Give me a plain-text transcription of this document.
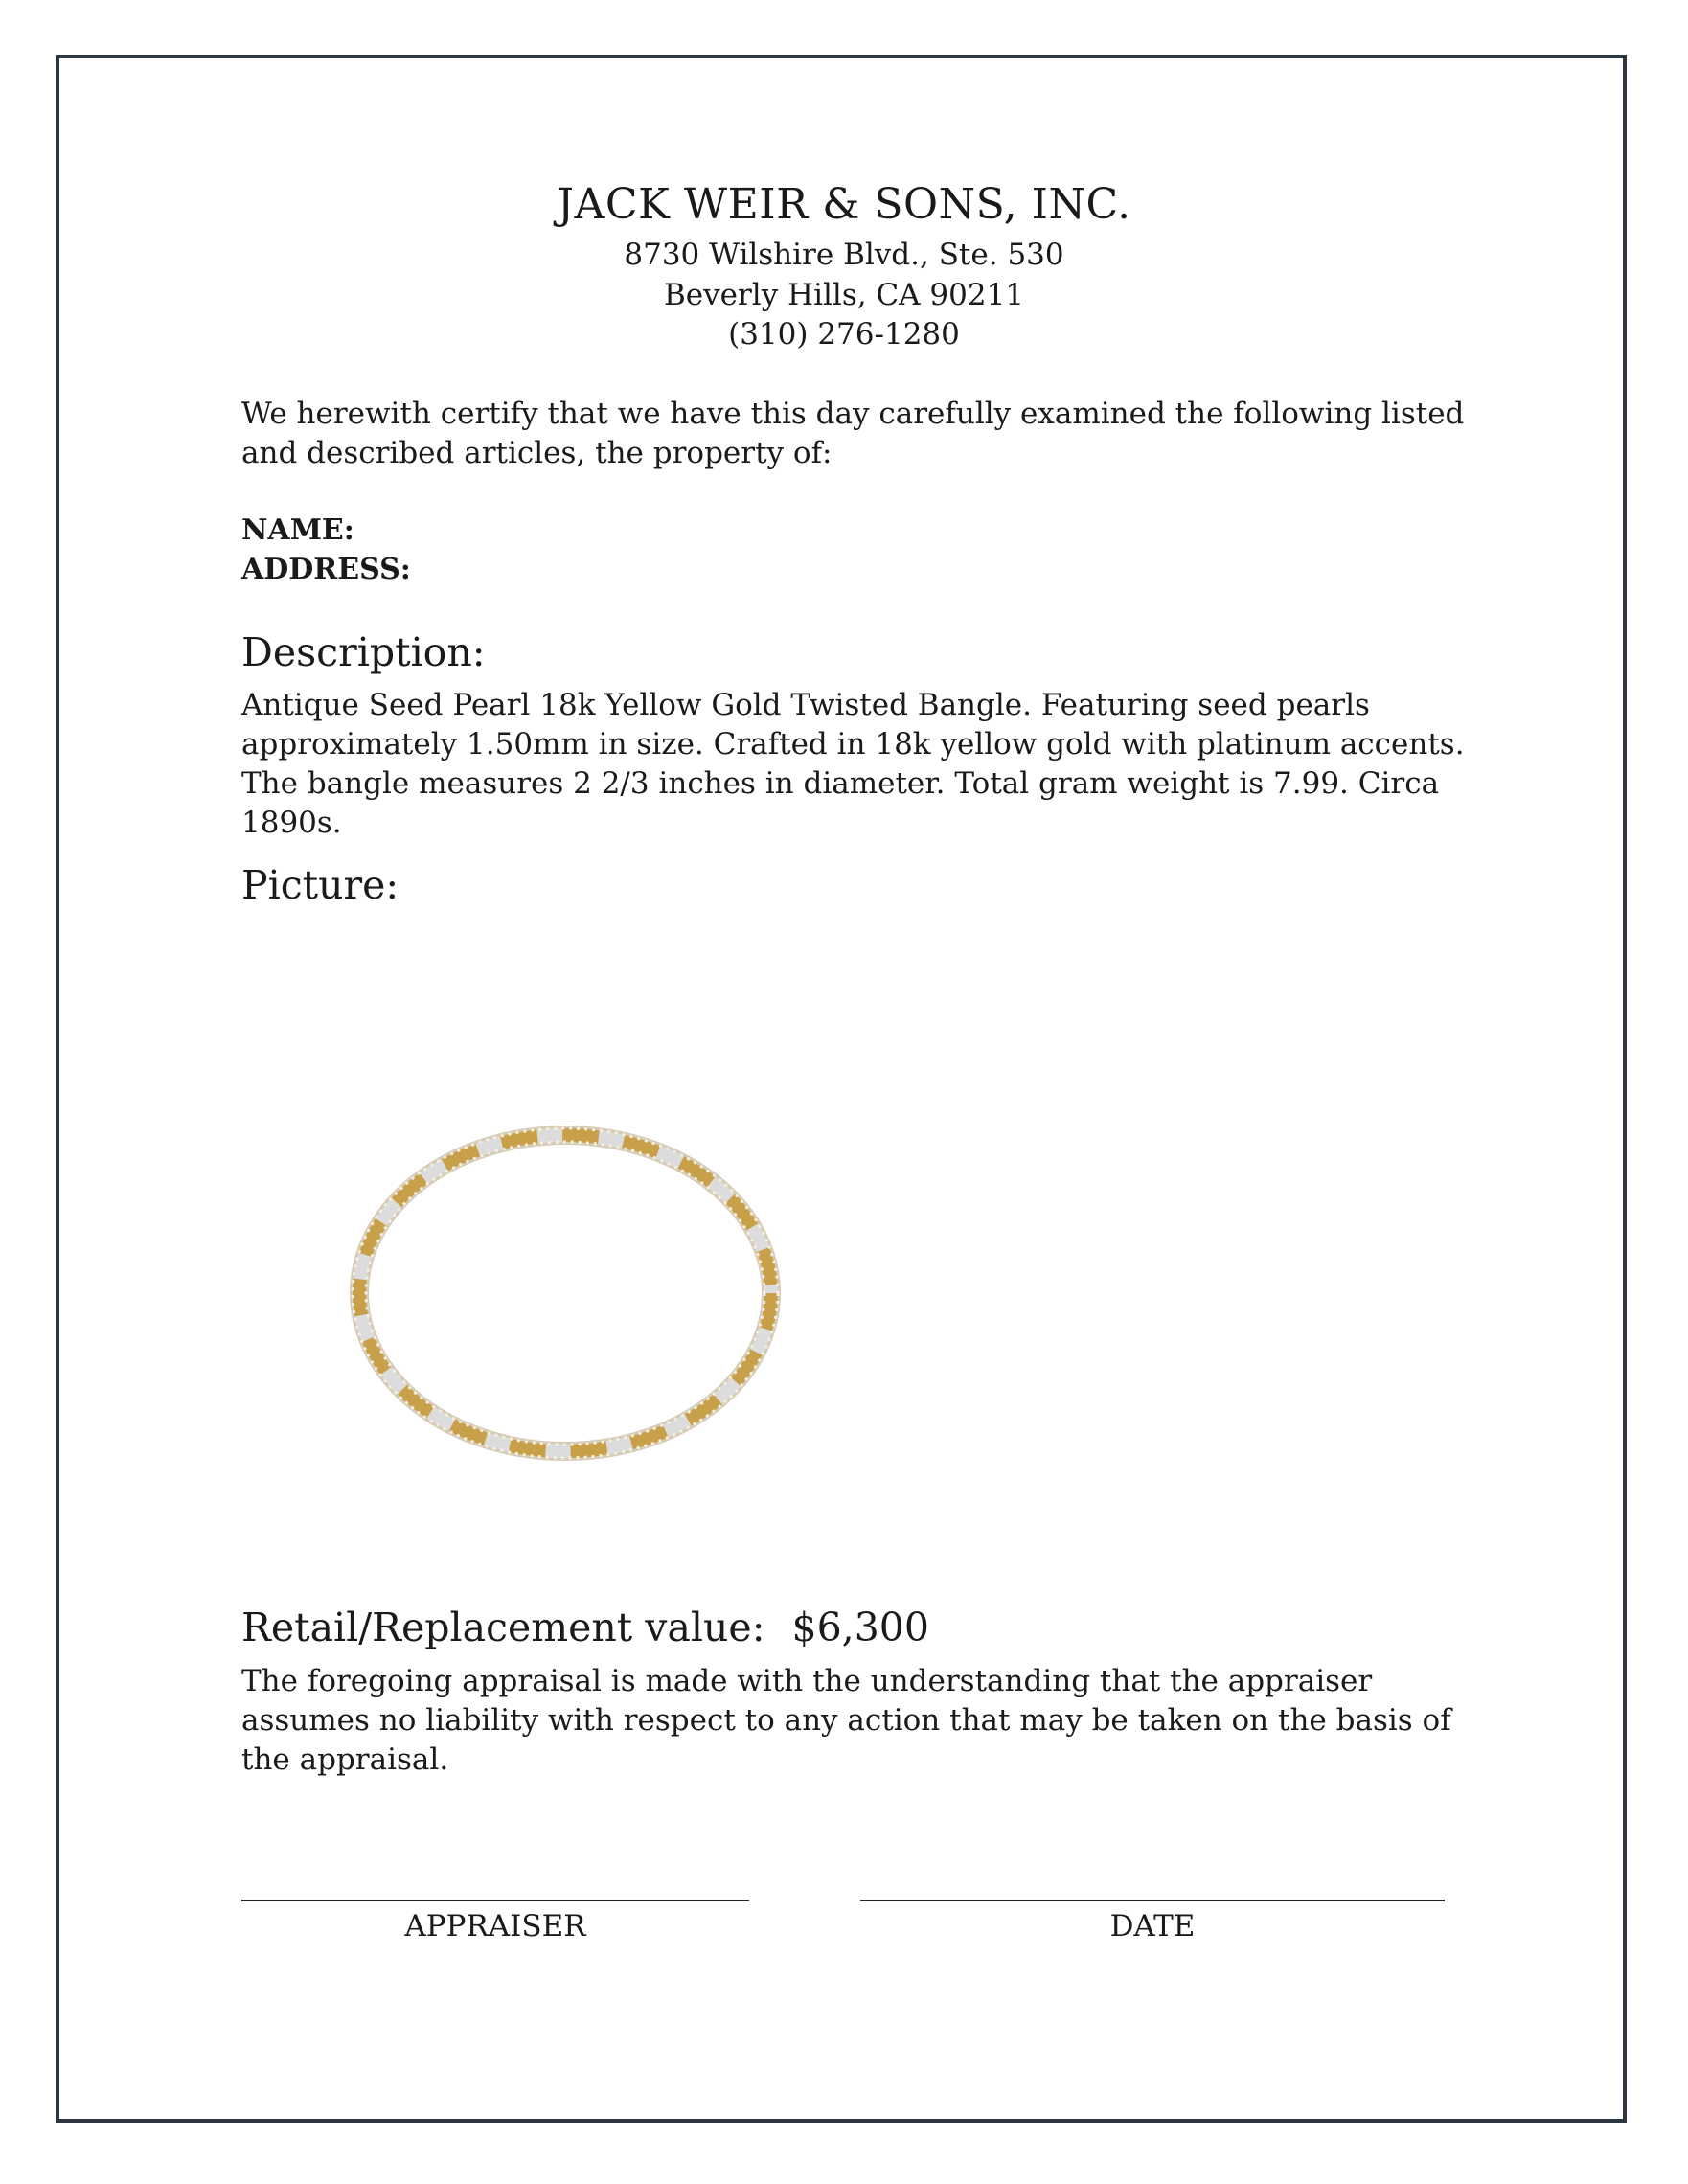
JACK WEIR & SONS, INC.
8730 Wilshire Blvd., Ste. 530
Beverly Hills, CA 90211
(310) 276-1280
We herewith certify that we have this day carefully examined the following listed and described articles, the property of:
NAME:
ADDRESS:
Description:
Antique Seed Pearl 18k Yellow Gold Twisted Bangle. Featuring seed pearls approximately 1.50mm in size. Crafted in 18k yellow gold with platinum accents. The bangle measures 2 2/3 inches in diameter. Total gram weight is 7.99. Circa 1890s.
Picture:
Retail/Replacement value: $6,300
The foregoing appraisal is made with the understanding that the appraiser assumes no liability with respect to any action that may be taken on the basis of the appraisal.
APPRAISER	DATE
